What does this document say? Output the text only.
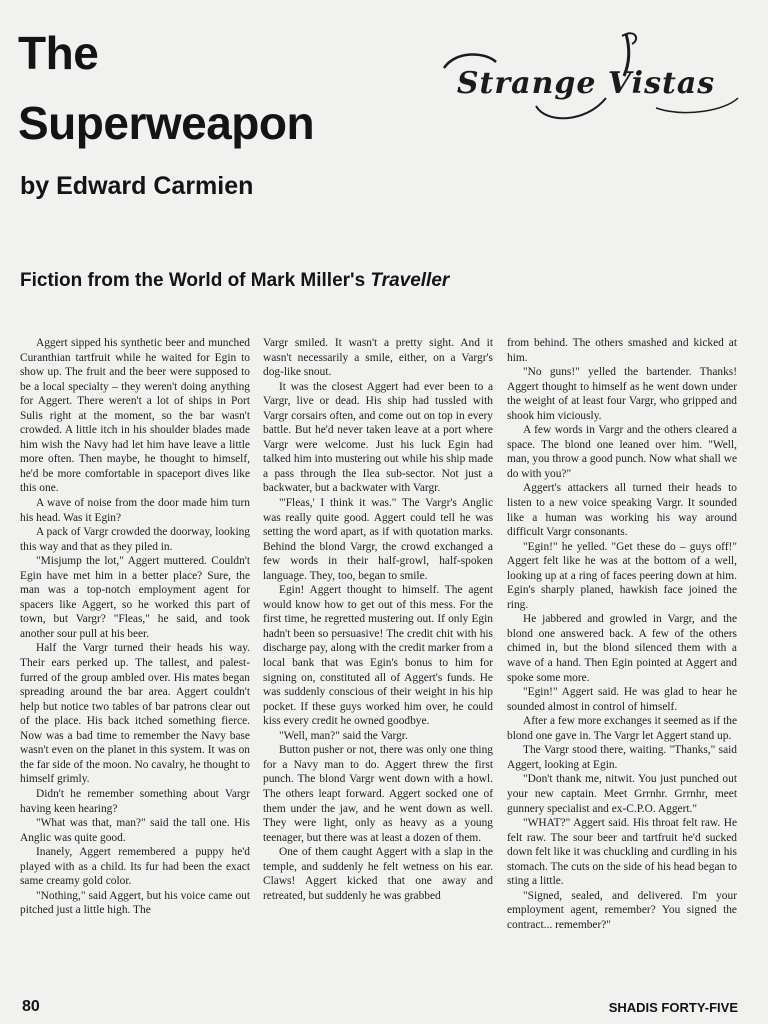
The
Superweapon
by Edward Carmien
Strange Vistas
Fiction from the World of Mark Miller's Traveller

Aggert sipped his synthetic beer and munched Curanthian tartfruit while he waited for Egin to show up. The fruit and the beer were supposed to be a local specialty – they weren't doing anything for Aggert. There weren't a lot of ships in Port Sulis right at the moment, so the bar wasn't crowded. A little itch in his shoulder blades made him wish the Navy had let him have leave a little more often. Then maybe, he thought to himself, he'd be more comfortable in spaceport dives like this one.

A wave of noise from the door made him turn his head. Was it Egin?

A pack of Vargr crowded the doorway, looking this way and that as they piled in.

"Misjump the lot," Aggert muttered. Couldn't Egin have met him in a better place? Sure, the man was a top-notch employment agent for spacers like Aggert, so he worked this part of town, but Vargr? "Fleas," he said, and took another sour pull at his beer.

Half the Vargr turned their heads his way. Their ears perked up. The tallest, and palest-furred of the group ambled over. His mates began spreading around the bar area. Aggert couldn't help but notice two tables of bar patrons clear out of the place. His back itched something fierce. Now was a bad time to remember the Navy base wasn't even on the planet in this system. It was on the far side of the moon. No cavalry, he thought to himself grimly.

Didn't he remember something about Vargr having keen hearing?

"What was that, man?" said the tall one. His Anglic was quite good.

Inanely, Aggert remembered a puppy he'd played with as a child. Its fur had been the exact same creamy gold color.

"Nothing," said Aggert, but his voice came out pitched just a little high. The

Vargr smiled. It wasn't a pretty sight. And it wasn't necessarily a smile, either, on a Vargr's dog-like snout.

It was the closest Aggert had ever been to a Vargr, live or dead. His ship had tussled with Vargr corsairs often, and come out on top in every battle. But he'd never taken leave at a port where Vargr were welcome. Just his luck Egin had talked him into mustering out while his ship made a pass through the Ilea sub-sector. Not just a backwater, but a backwater with Vargr.

"'Fleas,' I think it was." The Vargr's Anglic was really quite good. Aggert could tell he was setting the word apart, as if with quotation marks. Behind the blond Vargr, the crowd exchanged a few words in their half-growl, half-spoken language. They, too, began to smile.

Egin! Aggert thought to himself. The agent would know how to get out of this mess. For the first time, he regretted mustering out. If only Egin hadn't been so persuasive! The credit chit with his discharge pay, along with the credit marker from a local bank that was Egin's bonus to him for signing on, constituted all of Aggert's funds. He was suddenly conscious of their weight in his hip pocket. If these guys worked him over, he could kiss every credit he owned goodbye.

"Well, man?" said the Vargr.

Button pusher or not, there was only one thing for a Navy man to do. Aggert threw the first punch. The blond Vargr went down with a howl. The others leapt forward. Aggert socked one of them under the jaw, and he went down as well. They were light, only as heavy as a young teenager, but there was at least a dozen of them.

One of them caught Aggert with a slap in the temple, and suddenly he felt wetness on his ear. Claws! Aggert kicked that one away and retreated, but suddenly he was grabbed

from behind. The others smashed and kicked at him.

"No guns!" yelled the bartender. Thanks! Aggert thought to himself as he went down under the weight of at least four Vargr, who gripped and shook him viciously.

A few words in Vargr and the others cleared a space. The blond one leaned over him. "Well, man, you throw a good punch. Now what shall we do with you?"

Aggert's attackers all turned their heads to listen to a new voice speaking Vargr. It sounded like a human was working his way around difficult Vargr consonants.

"Egin!" he yelled. "Get these do – guys off!" Aggert felt like he was at the bottom of a well, looking up at a ring of faces peering down at him. Egin's sharply planed, hawkish face joined the ring.

He jabbered and growled in Vargr, and the blond one answered back. A few of the others chimed in, but the blond silenced them with a wave of a hand. Then Egin pointed at Aggert and spoke some more.

"Egin!" Aggert said. He was glad to hear he sounded almost in control of himself.

After a few more exchanges it seemed as if the blond one gave in. The Vargr let Aggert stand up.

The Vargr stood there, waiting. "Thanks," said Aggert, looking at Egin.

"Don't thank me, nitwit. You just punched out your new captain. Meet Grrnhr. Grrnhr, meet gunnery specialist and ex-C.P.O. Aggert."

"WHAT?" Aggert said. His throat felt raw. He felt raw. The sour beer and tartfruit he'd sucked down felt like it was chuckling and curdling in his stomach. The cuts on the side of his head began to sting a little.

"Signed, sealed, and delivered. I'm your employment agent, remember? You signed the contract... remember?"

80	SHADIS FORTY-FIVE
